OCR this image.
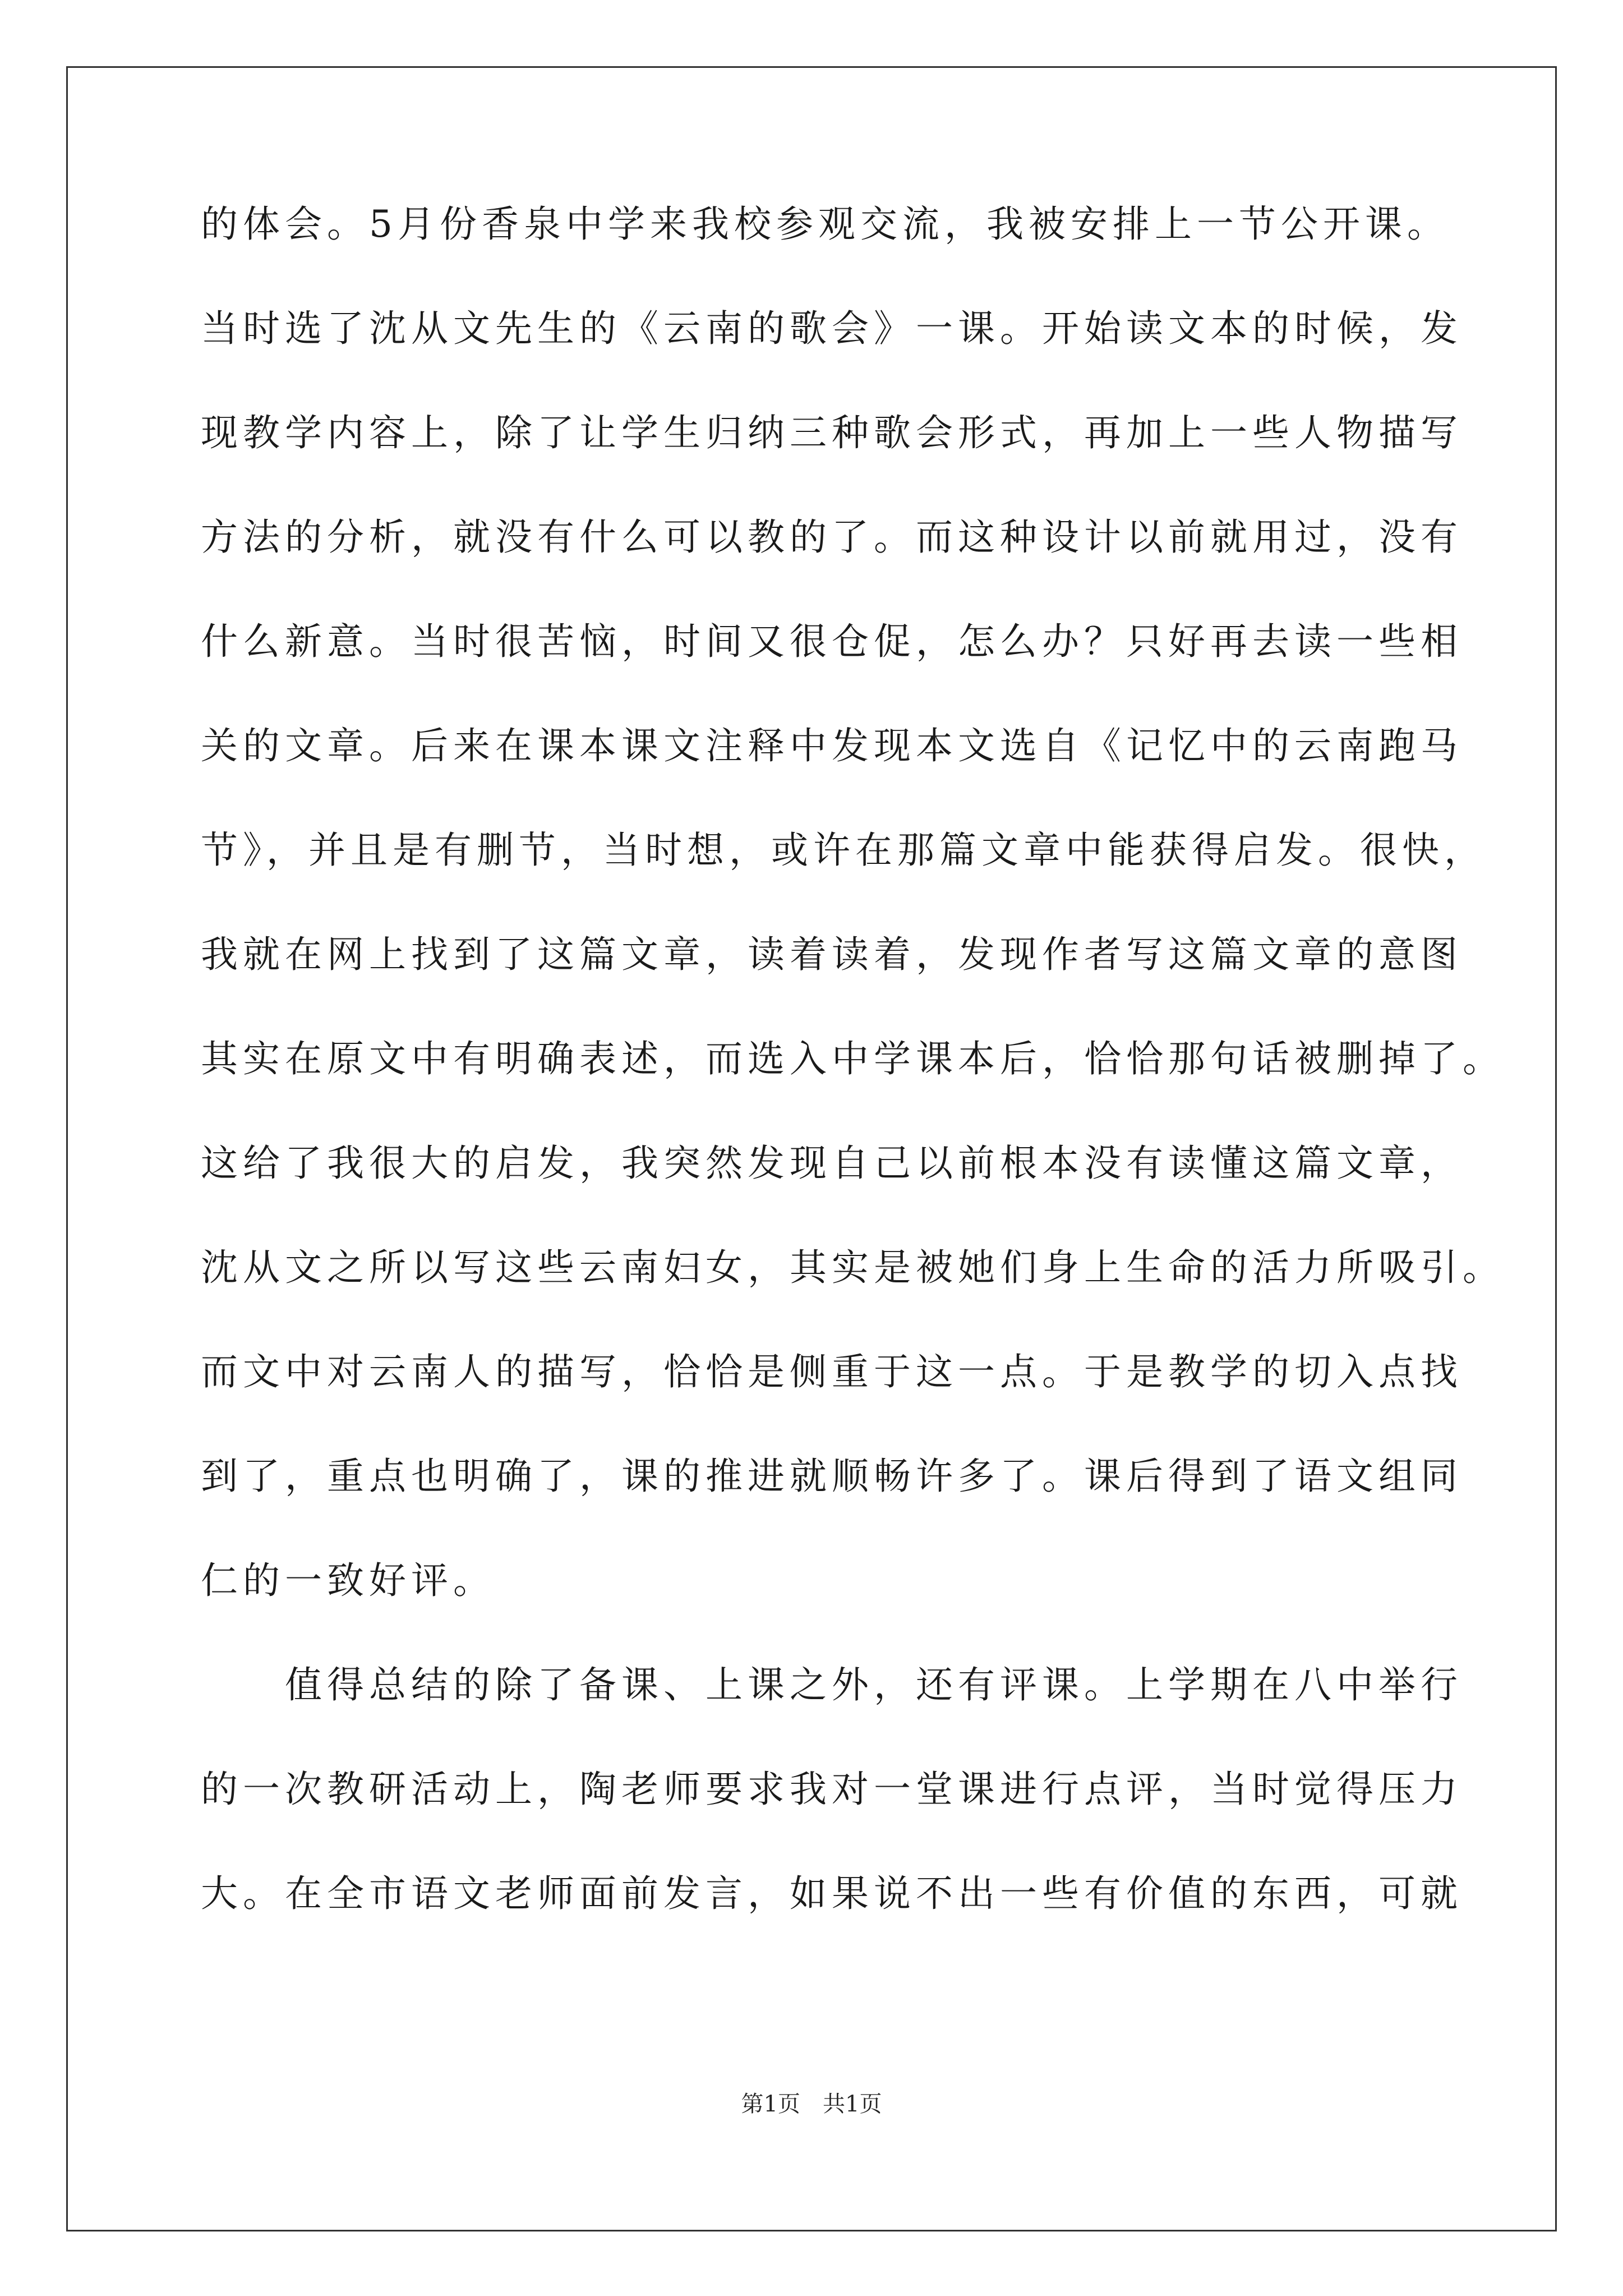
的体会。5月份香泉中学来我校参观交流，我被安排上一节公开课。
当时选了沈从文先生的《云南的歌会》一课。开始读文本的时候，发
现教学内容上，除了让学生归纳三种歌会形式，再加上一些人物描写
方法的分析，就没有什么可以教的了。而这种设计以前就用过，没有
什么新意。当时很苦恼，时间又很仓促，怎么办？只好再去读一些相
关的文章。后来在课本课文注释中发现本文选自《记忆中的云南跑马
节》，并且是有删节，当时想，或许在那篇文章中能获得启发。很快，
我就在网上找到了这篇文章，读着读着，发现作者写这篇文章的意图
其实在原文中有明确表述，而选入中学课本后，恰恰那句话被删掉了。
这给了我很大的启发，我突然发现自己以前根本没有读懂这篇文章，
沈从文之所以写这些云南妇女，其实是被她们身上生命的活力所吸引。
而文中对云南人的描写，恰恰是侧重于这一点。于是教学的切入点找
到了，重点也明确了，课的推进就顺畅许多了。课后得到了语文组同
仁的一致好评。
值得总结的除了备课、上课之外，还有评课。上学期在八中举行
的一次教研活动上，陶老师要求我对一堂课进行点评，当时觉得压力
大。在全市语文老师面前发言，如果说不出一些有价值的东西，可就
第1页　共1页
